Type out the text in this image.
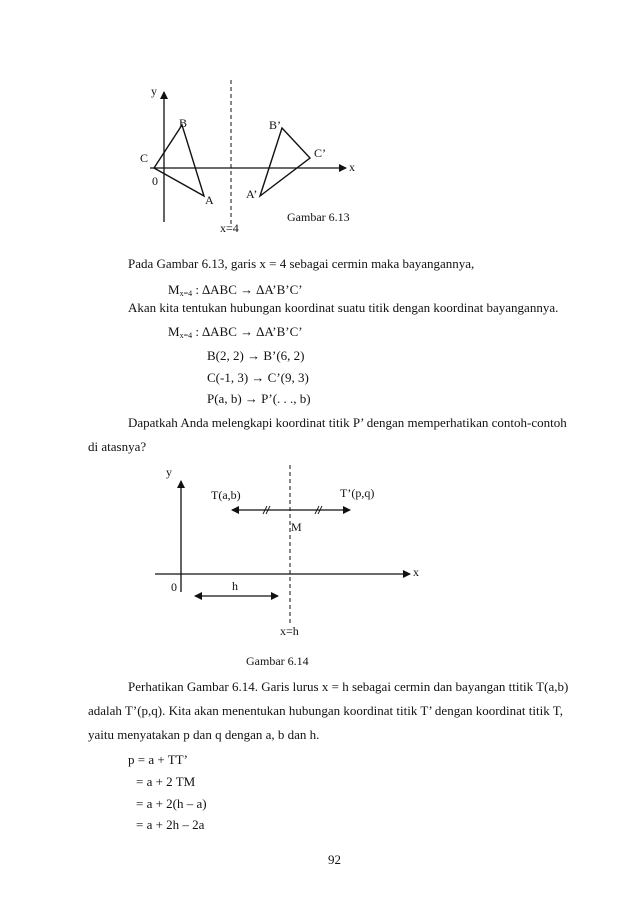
y
x
0
B
C
A
B’
C’
A’
x=4
Gambar 6.13
Pada Gambar 6.13, garis x = 4 sebagai cermin maka bayangannya,
$M_{x=4}$ : ∆ABC → ∆A’B’C’
Akan kita tentukan hubungan koordinat suatu titik dengan koordinat bayangannya.
$M_{x=4}$ : ∆ABC → ∆A’B’C’
B(2, 2) → B’(6, 2)
C(-1, 3) → C’(9, 3)
P(a, b) → P’(. . ., b)
Dapatkah Anda melengkapi koordinat titik P’ dengan memperhatikan contoh-contoh
di atasnya?
y
x
0
T(a,b)	T’(p,q)
M
h
x=h
Gambar 6.14
Perhatikan Gambar 6.14. Garis lurus x = h sebagai cermin dan bayangan ttitik T(a,b)
adalah T’(p,q). Kita akan menentukan hubungan koordinat titik T’ dengan koordinat titik T,
yaitu menyatakan p dan q dengan a, b dan h.
p = a + TT’
= a + 2 TM
= a + 2(h – a)
= a + 2h – 2a
92
